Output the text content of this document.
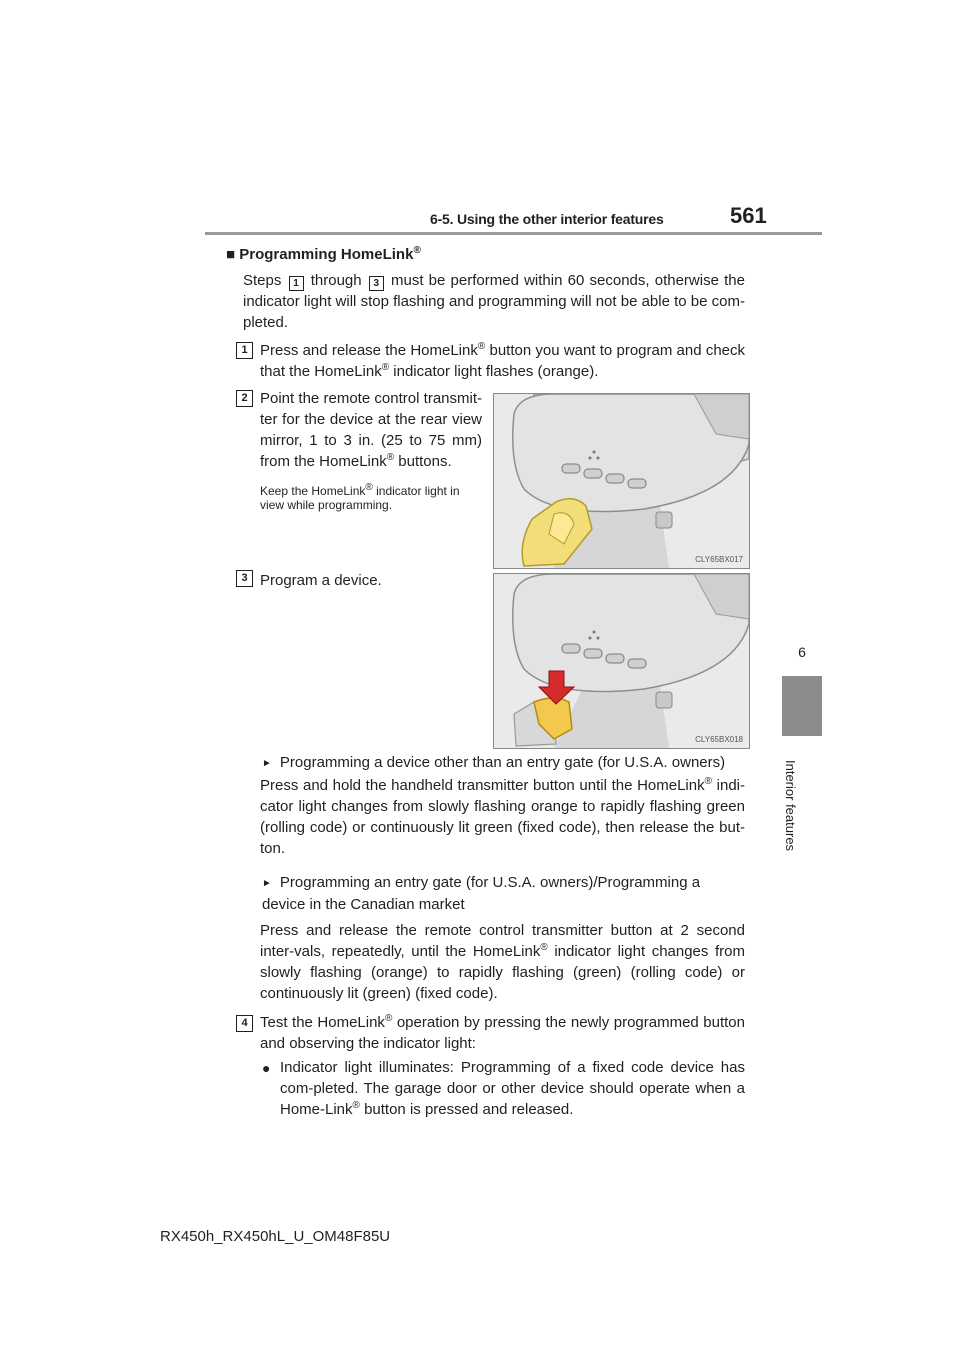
6-5. Using the other interior features	561
6
Interior features
■ Programming HomeLink®
Steps 1 through 3 must be performed within 60 seconds, otherwise the indicator light will stop flashing and programming will not be able to be com-pleted.
1 Press and release the HomeLink® button you want to program and check that the HomeLink® indicator light flashes (orange).
2 Point the remote control transmit-ter for the device at the rear view mirror, 1 to 3 in. (25 to 75 mm) from the HomeLink® buttons.
Keep the HomeLink® indicator light in view while programming.
CLY65BX017
3 Program a device.
CLY65BX018
► Programming a device other than an entry gate (for U.S.A. owners)
Press and hold the handheld transmitter button until the HomeLink® indi-cator light changes from slowly flashing orange to rapidly flashing green (rolling code) or continuously lit green (fixed code), then release the but-ton.
► Programming an entry gate (for U.S.A. owners)/Programming a device in the Canadian market
Press and release the remote control transmitter button at 2 second inter-vals, repeatedly, until the HomeLink® indicator light changes from slowly flashing (orange) to rapidly flashing (green) (rolling code) or continuously lit (green) (fixed code).
4 Test the HomeLink® operation by pressing the newly programmed button and observing the indicator light:
● Indicator light illuminates: Programming of a fixed code device has com-pleted. The garage door or other device should operate when a Home-Link® button is pressed and released.
RX450h_RX450hL_U_OM48F85U
